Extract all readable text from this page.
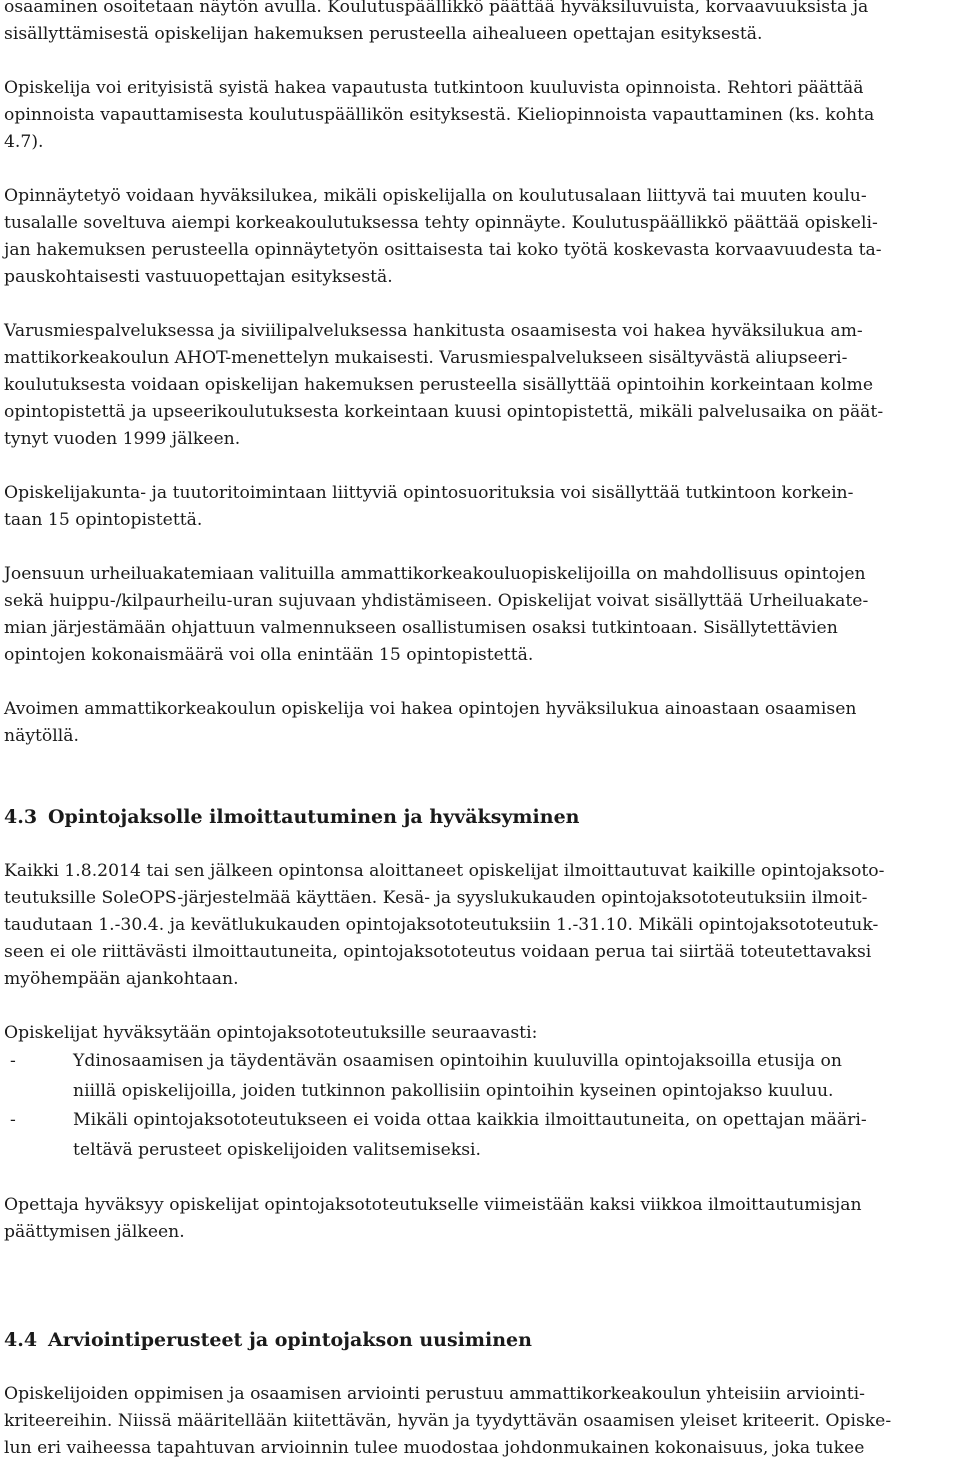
osaaminen osoitetaan näytön avulla. Koulutuspäällikkö päättää hyväksiluvuista, korvaavuuksista ja
sisällyttämisestä opiskelijan hakemuksen perusteella aihealueen opettajan esityksestä.

Opiskelija voi erityisistä syistä hakea vapautusta tutkintoon kuuluvista opinnoista. Rehtori päättää
opinnoista vapauttamisesta koulutuspäällikön esityksestä. Kieliopinnoista vapauttaminen (ks. kohta
4.7).

Opinnäytetyö voidaan hyväksilukea, mikäli opiskelijalla on koulutusalaan liittyvä tai muuten koulu-
tusalalle soveltuva aiempi korkeakoulutuksessa tehty opinnäyte. Koulutuspäällikkö päättää opiskeli-
jan hakemuksen perusteella opinnäytetyön osittaisesta tai koko työtä koskevasta korvaavuudesta ta-
pauskohtaisesti vastuuopettajan esityksestä.

Varusmiespalveluksessa ja siviilipalveluksessa hankitusta osaamisesta voi hakea hyväksilukua am-
mattikorkeakoulun AHOT-menettelyn mukaisesti. Varusmiespalvelukseen sisältyvästä aliupseeri-
koulutuksesta voidaan opiskelijan hakemuksen perusteella sisällyttää opintoihin korkeintaan kolme
opintopistettä ja upseerikoulutuksesta korkeintaan kuusi opintopistettä, mikäli palvelusaika on päät-
tynyt vuoden 1999 jälkeen.

Opiskelijakunta- ja tuutoritoimintaan liittyviä opintosuorituksia voi sisällyttää tutkintoon korkein-
taan 15 opintopistettä.

Joensuun urheiluakatemiaan valituilla ammattikorkeakouluopiskelijoilla on mahdollisuus opintojen
sekä huippu-/kilpaurheilu-uran sujuvaan yhdistämiseen. Opiskelijat voivat sisällyttää Urheiluakate-
mian järjestämään ohjattuun valmennukseen osallistumisen osaksi tutkintoaan. Sisällytettävien
opintojen kokonaismäärä voi olla enintään 15 opintopistettä.

Avoimen ammattikorkeakoulun opiskelija voi hakea opintojen hyväksilukua ainoastaan osaamisen
näytöllä.

4.3 Opintojaksolle ilmoittautuminen ja hyväksyminen

Kaikki 1.8.2014 tai sen jälkeen opintonsa aloittaneet opiskelijat ilmoittautuvat kaikille opintojaksoto-
teutuksille SoleOPS-järjestelmää käyttäen. Kesä- ja syyslukukauden opintojaksototeutuksiin ilmoit-
taudutaan 1.-30.4. ja kevätlukukauden opintojaksototeutuksiin 1.-31.10. Mikäli opintojaksototeutuk-
seen ei ole riittävästi ilmoittautuneita, opintojaksototeutus voidaan perua tai siirtää toteutettavaksi
myöhempään ajankohtaan.

Opiskelijat hyväksytään opintojaksototeutuksille seuraavasti:

-	Ydinosaamisen ja täydentävän osaamisen opintoihin kuuluvilla opintojaksoilla etusija on
niillä opiskelijoilla, joiden tutkinnon pakollisiin opintoihin kyseinen opintojakso kuuluu.
-	Mikäli opintojaksototeutukseen ei voida ottaa kaikkia ilmoittautuneita, on opettajan määri-
teltävä perusteet opiskelijoiden valitsemiseksi.

Opettaja hyväksyy opiskelijat opintojaksototeutukselle viimeistään kaksi viikkoa ilmoittautumisjan
päättymisen jälkeen.

4.4 Arviointiperusteet ja opintojakson uusiminen

Opiskelijoiden oppimisen ja osaamisen arviointi perustuu ammattikorkeakoulun yhteisiin arviointi-
kriteereihin. Niissä määritellään kiitettävän, hyvän ja tyydyttävän osaamisen yleiset kriteerit. Opiske-
lun eri vaiheessa tapahtuvan arvioinnin tulee muodostaa johdonmukainen kokonaisuus, joka tukee
